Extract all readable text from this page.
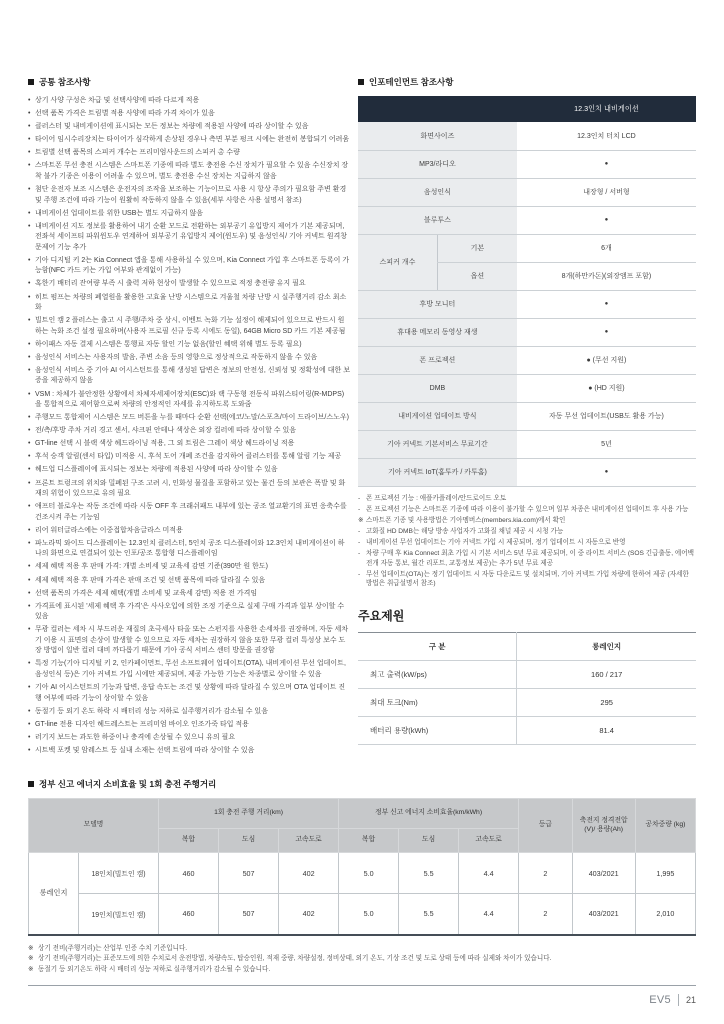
공통 참조사항
• 상기 사양 구성은 차급 및 선택사양에 따라 다르게 적용
• 선택 품목 가격은 트림별 적용 사양에 따라 가격 차이가 있음
• 클러스터 및 내비게이션에 표시되는 모든 정보는 차량에 적용된 사양에 따라 상이할 수 있음
• 타이어 임시수리장치는 타이어가 심각하게 손상된 경우나 측면 부분 펑크 시에는 완전히 봉합되기 어려움
• 트림별 선택 품목의 스피커 개수는 프리미엄사운드의 스피커 총 수량
• 스마트폰 무선 충전 시스템은 스마트폰 기종에 따라 별도 충전용 수신 장치가 필요할 수 있음 수신장치 장착 불가 기종은 이용이 어려울 수 있으며, 별도 충전용 수신 장치는 지급하지 않음
• 첨단 운전자 보조 시스템은 운전자의 조작을 보조하는 기능이므로 사용 시 항상 주의가 필요함 주변 환경 및 주행 조건에 따라 기능이 원활히 작동하지 않을 수 있음(세부 사항은 사용 설명서 참조)
• 내비게이션 업데이트를 위한 USB는 별도 지급하지 않음
• 내비게이션 지도 정보를 활용하여 내기 순환 모드로 전환하는 외부공기 유입방지 제어가 기본 제공되며, 전좌석 세이프티 파워윈도우 연계하여 외부공기 유입방지 제어(윈도우) 및 음성인식/ 기아 커넥트 원격창문제어 기능 추가
• 기아 디지털 키 2는 Kia Connect 앱을 통해 사용하실 수 있으며, Kia Connect 가입 후 스마트폰 등록이 가능함(NFC 카드 키는 가입 여부와 관계없이 가능)
• 혹한기 배터리 잔여량 부족 시 출력 저하 현상이 발생할 수 있으므로 적정 충전량 유지 필요
• 히트 펌프는 차량의 폐열원을 활용한 고효율 난방 시스템으로 겨울철 차량 난방 시 실주행거리 감소 최소화
• 빌트인 캠 2 플러스는 출고 시 주행/주차 중 상시, 이벤트 녹화 기능 설정이 해제되어 있으므로 반드시 원하는 녹화 조건 설정 필요하며(사용자 프로필 신규 등록 시에도 동일), 64GB Micro SD 카드 기본 제공됨
• 하이패스 자동 결제 시스템은 통행료 자동 할인 기능 없음(할인 혜택 위해 별도 등록 필요)
• 음성인식 서비스는 사용자의 발음, 주변 소음 등의 영향으로 정상적으로 작동하지 않을 수 있음
• 음성인식 서비스 중 기아 AI 어시스턴트를 통해 생성된 답변은 정보의 안전성, 신뢰성 및 정확성에 대한 보증을 제공하지 않음
• VSM : 차체가 불안정한 상황에서 차체자세제어장치(ESC)와 랙 구동형 전동식 파워스티어링(R-MDPS)을 통합적으로 제어함으로써 차량의 안정적인 자세를 유지하도록 도와줌
• 주행모드 통합제어 시스템은 모드 버튼을 누를 때마다 순환 선택(에코/노말/스포츠/마이 드라이브/스노우)
• 전/측/후방 주차 거리 경고 센서, 샤크핀 안테나 색상은 외장 컬러에 따라 상이할 수 있음
• GT-line 선택 시 블랙 색상 헤드라이닝 적용, 그 외 트림은 그레이 색상 헤드라이닝 적용
• 후석 승객 알림(센서 타입) 미적용 시, 후석 도어 개폐 조건을 감지하여 클러스터를 통해 알림 기능 제공
• 헤드업 디스플레이에 표시되는 정보는 차량에 적용된 사양에 따라 상이할 수 있음
• 프론트 트렁크의 위치와 밀폐된 구조 고려 시, 인화성 물질을 포함하고 있는 물건 등의 보관은 폭발 및 화재의 위험이 있으므로 유의 필요
• 애프터 블로우는 작동 조건에 따라 시동 OFF 후 크래쉬패드 내부에 있는 공조 열교환기의 표면 응축수를 건조시켜 주는 기능임
• 리어 워터글라스에는 이중접합차음글라스 미적용
• 파노라믹 와이드 디스플레이는 12.3인치 클러스터, 5인치 공조 디스플레이와 12.3인치 내비게이션이 하나의 화면으로 연결되어 있는 인포/공조 통합형 디스플레이임
• 세제 혜택 적용 후 판매 가격: 개별 소비세 및 교육세 감면 기준(390만 원 한도)
• 세제 혜택 적용 후 판매 가격은 판매 조건 및 선택 품목에 따라 달라질 수 있음
• 선택 품목의 가격은 세제 혜택(개별 소비세 및 교육세 감면) 적용 전 가격임
• 가격표에 표시된 '세제 혜택 후 가격'은 사사오입에 의한 조정 기준으로 실제 구매 가격과 일부 상이할 수 있음
• 무광 컬러는 세차 시 부드러운 재질의 초극세사 타올 또는 스펀지를 사용한 손세차를 권장하며, 자동 세차기 이용 시 표면의 손상이 발생할 수 있으므로 자동 세차는 권장하지 않음 또한 무광 컬러 특성상 보수 도장 방법이 일반 컬러 대비 까다롭기 때문에 기아 공식 서비스 센터 방문을 권장함
• 특정 기능(기아 디지털 키 2, 인카페이먼트, 무선 소프트웨어 업데이트(OTA), 내비게이션 무선 업데이트, 음성인식 등)은 기아 커넥트 가입 시에만 제공되며, 제공 가능한 기능은 차종별로 상이할 수 있음
• 기아 AI 어시스턴트의 기능과 답변, 응답 속도는 조건 및 상황에 따라 달라질 수 있으며 OTA 업데이트 진행 여부에 따라 기능이 상이할 수 있음
• 동절기 등 외기 온도 하락 시 배터리 성능 저하로 실주행거리가 감소될 수 있음
• GT-line 전용 디자인 헤드레스트는 프리미엄 바이오 인조가죽 타입 적용
• 러기지 보드는 과도한 하중이나 충격에 손상될 수 있으니 유의 필요
• 시트백 포켓 및 암레스트 등 실내 소재는 선택 트림에 따라 상이할 수 있음
인포테인먼트 참조사항
		12.3인치 내비게이션
화면사이즈		12.3인치 터치 LCD
MP3/라디오		●
음성인식		내장형 / 서버형
블루투스		●
스피커 개수	기본	6개
	옵션	8개(하만카돈)(외장앰프 포함)
후방 모니터		●
휴대용 메모리 동영상 재생		●
폰 프로젝션		● (무선 지원)
DMB		● (HD 지원)
내비게이션 업데이트 방식		자동 무선 업데이트(USB도 활용 가능)
기아 커넥트 기본서비스 무료기간		5년
기아 커넥트 IoT(홈투카 / 카투홈)		●
- 폰 프로젝션 기능 : 애플카플레이/안드로이드 오토
- 폰 프로젝션 기능은 스마트폰 기종에 따라 이용이 불가할 수 있으며 일부 차종은 내비게이션 업데이트 후 사용 가능
※ 스마트폰 기종 및 사용방법은 기아멤버스(members.kia.com)에서 확인
- 고화질 HD DMB는 해당 방송 사업자가 고화질 채널 제공 시 시청 가능
- 내비게이션 무선 업데이트는 기아 커넥트 가입 시 제공되며, 정기 업데이트 시 자동으로 반영
- 차량 구매 후 Kia Connect 최초 가입 시 기본 서비스 5년 무료 제공되며, 이 중 라이트 서비스 (SOS 긴급출동, 에어백 전개 자동 통보, 월간 리포트, 교통정보 제공)는 추가 5년 무료 제공
- 무선 업데이트(OTA)는 정기 업데이트 시 자동 다운로드 및 설치되며, 기아 커넥트 가입 차량에 한하여 제공 (자세한 방법은 취급설명서 참조)
주요제원
구 분	롱레인지
최고 출력(kW/ps)	160 / 217
최대 토크(Nm)	295
배터리 용량(kWh)	81.4
정부 신고 에너지 소비효율 및 1회 충전 주행거리
모델명		1회 충전 주행 거리(km)			정부 신고 에너지 소비효율(km/kWh)			등급	축전지 정격전압(V)/ 용량(Ah)	공차중량 (kg)
		복합	도심	고속도로	복합	도심	고속도로			
롱레인지	18인치(빌트인 캠)	460	507	402	5.0	5.5	4.4	2	403/2021	1,995
	19인치(빌트인 캠)	460	507	402	5.0	5.5	4.4	2	403/2021	2,010
※ 상기 전비(주행거리)는 산업부 인증 수치 기준입니다.
※ 상기 전비(주행거리)는 표준모드에 의한 수치로서 운전방법, 차량속도, 탑승인원, 적재 중량, 차량설정, 정비상태, 외기 온도, 기상 조건 및 도로 상태 등에 따라 실제와 차이가 있습니다.
※ 동절기 등 외기온도 하락 시 배터리 성능 저하로 실주행거리가 감소될 수 있습니다.
EV5 21
